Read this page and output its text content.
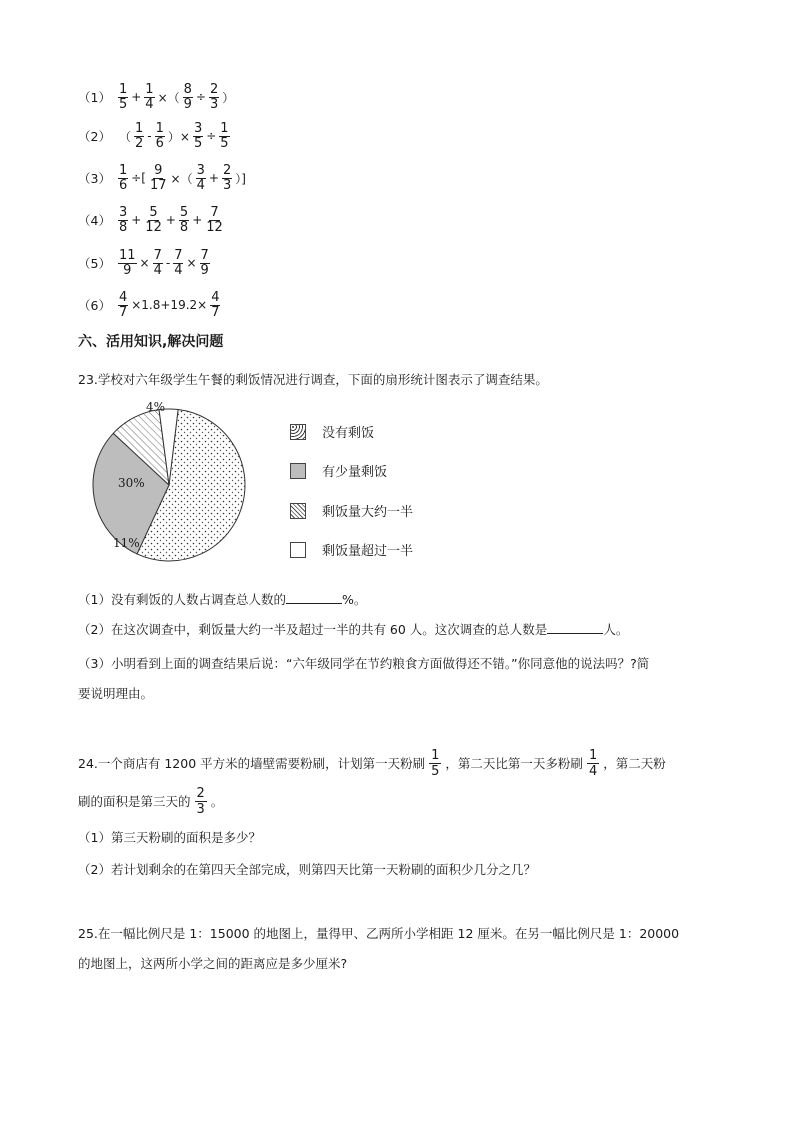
$(1) \frac{1}{5} + \frac{1}{4}$ ×（ $\frac{8}{9} \div \frac{2}{3}$ ）
（2） （ $\frac{1}{2} - \frac{1}{6}$ ）× $\frac{3}{5} \div \frac{1}{5}$
$(3) \frac{1}{6}$ ÷[ $\frac{9}{17}$ ×（ $\frac{3}{4} + \frac{2}{3}$ ）]
$(4) \frac{3}{8} + \frac{5}{12} + \frac{5}{8} + \frac{7}{12}$
$(5) \frac{11}{9} \times \frac{7}{4} - \frac{7}{4} \times \frac{7}{9}$
$(6) \frac{4}{7} \times 1.8+19.2\times \frac{4}{7}$
六、活用知识,解决问题
23.学校对六年级学生午餐的剩饭情况进行调查，下面的扇形统计图表示了调查结果。
30%
11%
4%
没有剩饭
有少量剩饭
剩饭量大约一半
剩饭量超过一半
（1）没有剩饭的人数占调查总人数的	%。
（2）在这次调查中，剩饭量大约一半及超过一半的共有 60 人。这次调查的总人数是	人。
（3）小明看到上面的调查结果后说：“六年级同学在节约粮食方面做得还不错。”你同意他的说法吗？?简
要说明理由。
24.一个商店有 1200 平方米的墙壁需要粉刷，计划第一天粉刷 $\frac{1}{5}$ ，第二天比第一天多粉刷 $\frac{1}{4}$ ，第二天粉
刷的面积是第三天的 $\frac{2}{3}$ 。
（1）第三天粉刷的面积是多少？
（2）若计划剩余的在第四天全部完成，则第四天比第一天粉刷的面积少几分之几？
25.在一幅比例尺是 1：15000 的地图上，量得甲、乙两所小学相距 12 厘米。在另一幅比例尺是 1：20000
的地图上，这两所小学之间的距离应是多少厘米?
